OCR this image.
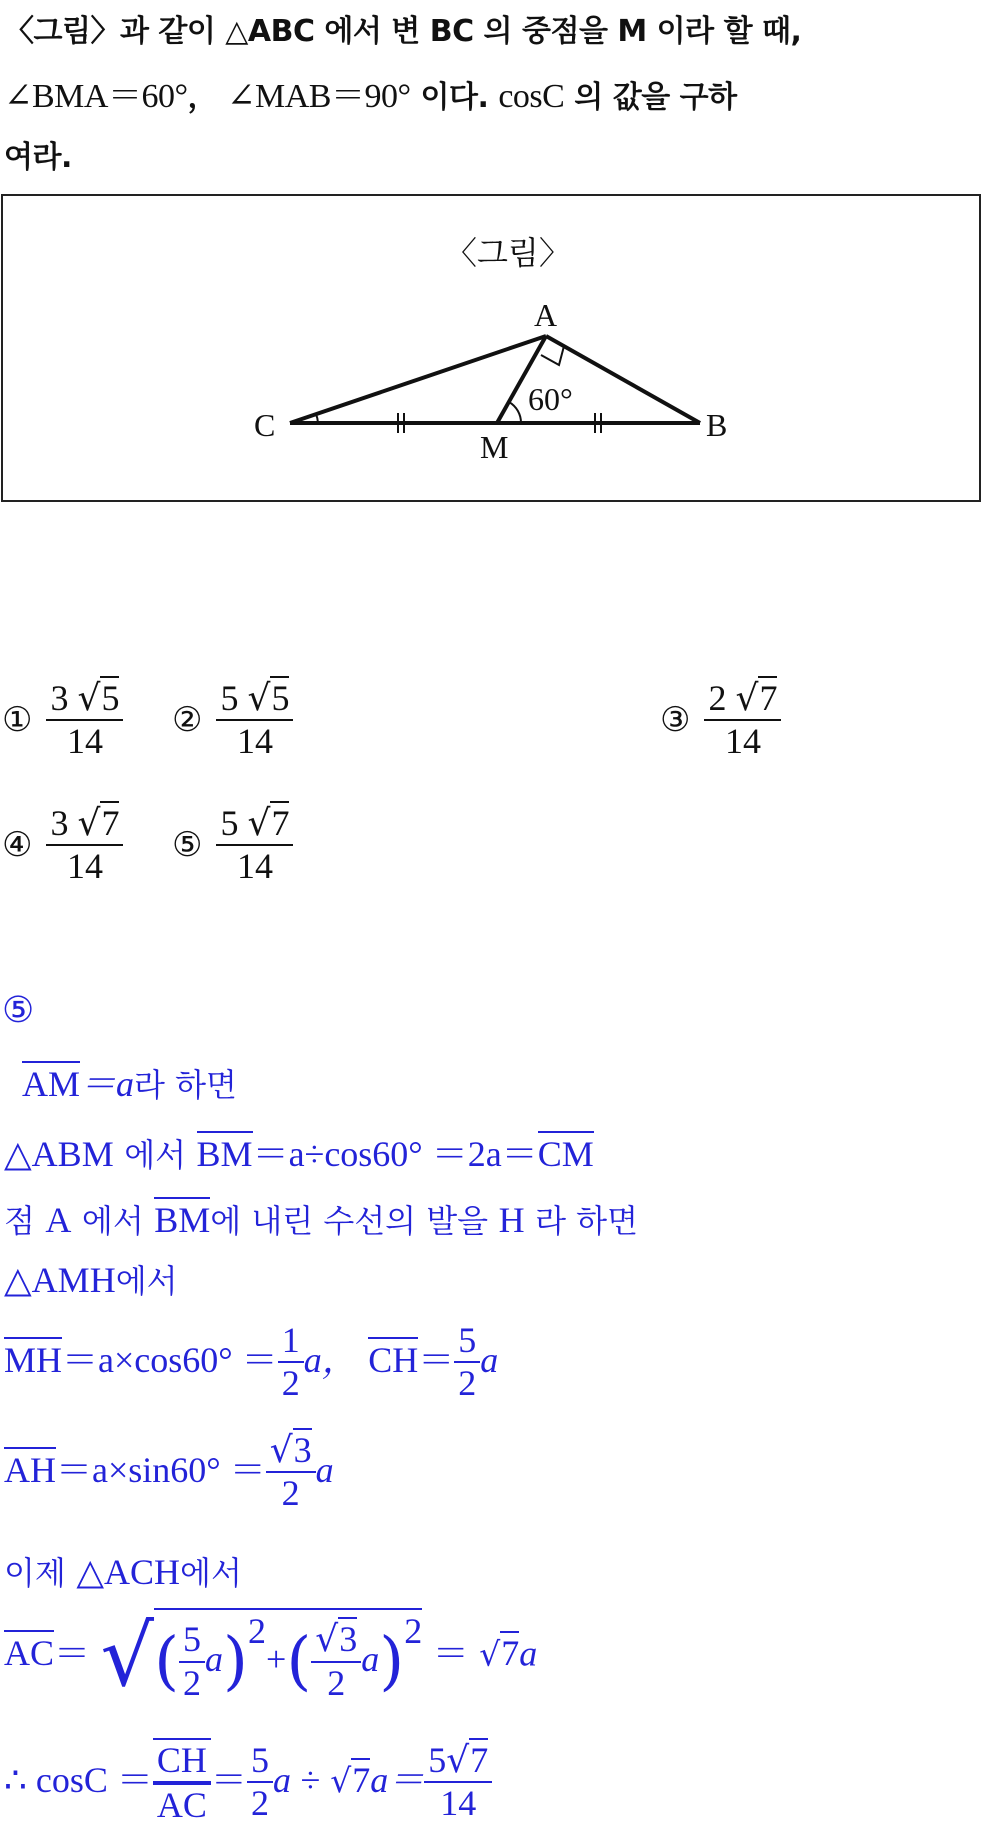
〈그림〉과 같이 △ABC 에서 변 BC 의 중점을 M 이라 할 때,
∠BMA＝60°， ∠MAB＝90° 이다. cosC 의 값을 구하
여라.
〈그림〉
A
B
C
M
60°
① $\frac{3 √5}{14}$ ② $\frac{5 √5}{14}$	③ $\frac{2 √7}{14}$
④ $\frac{3 √7}{14}$ ⑤ $\frac{5 √7}{14}$
⑤
AM＝a라 하면
△ABM 에서 BM＝a÷cos60° ＝2a＝CM
점 A 에서 BM에 내린 수선의 발을 H 라 하면
△AMH에서
$MH=a\times\cos 60^\circ = \frac{1}{2}$ a， $CH= \frac{5}{2}$ a
$AH=a\times\sin 60^\circ = \frac{√3}{2}$ a
이제 △ACH에서
AC＝ √( $\frac{5}{2} a)2+( \frac{√3}{2} a)2 = √7a$
∴ $\cos C = \frac{CH}{AC} = \frac{5}{2}$ $a \div √7a= \frac{5√7}{14}$
